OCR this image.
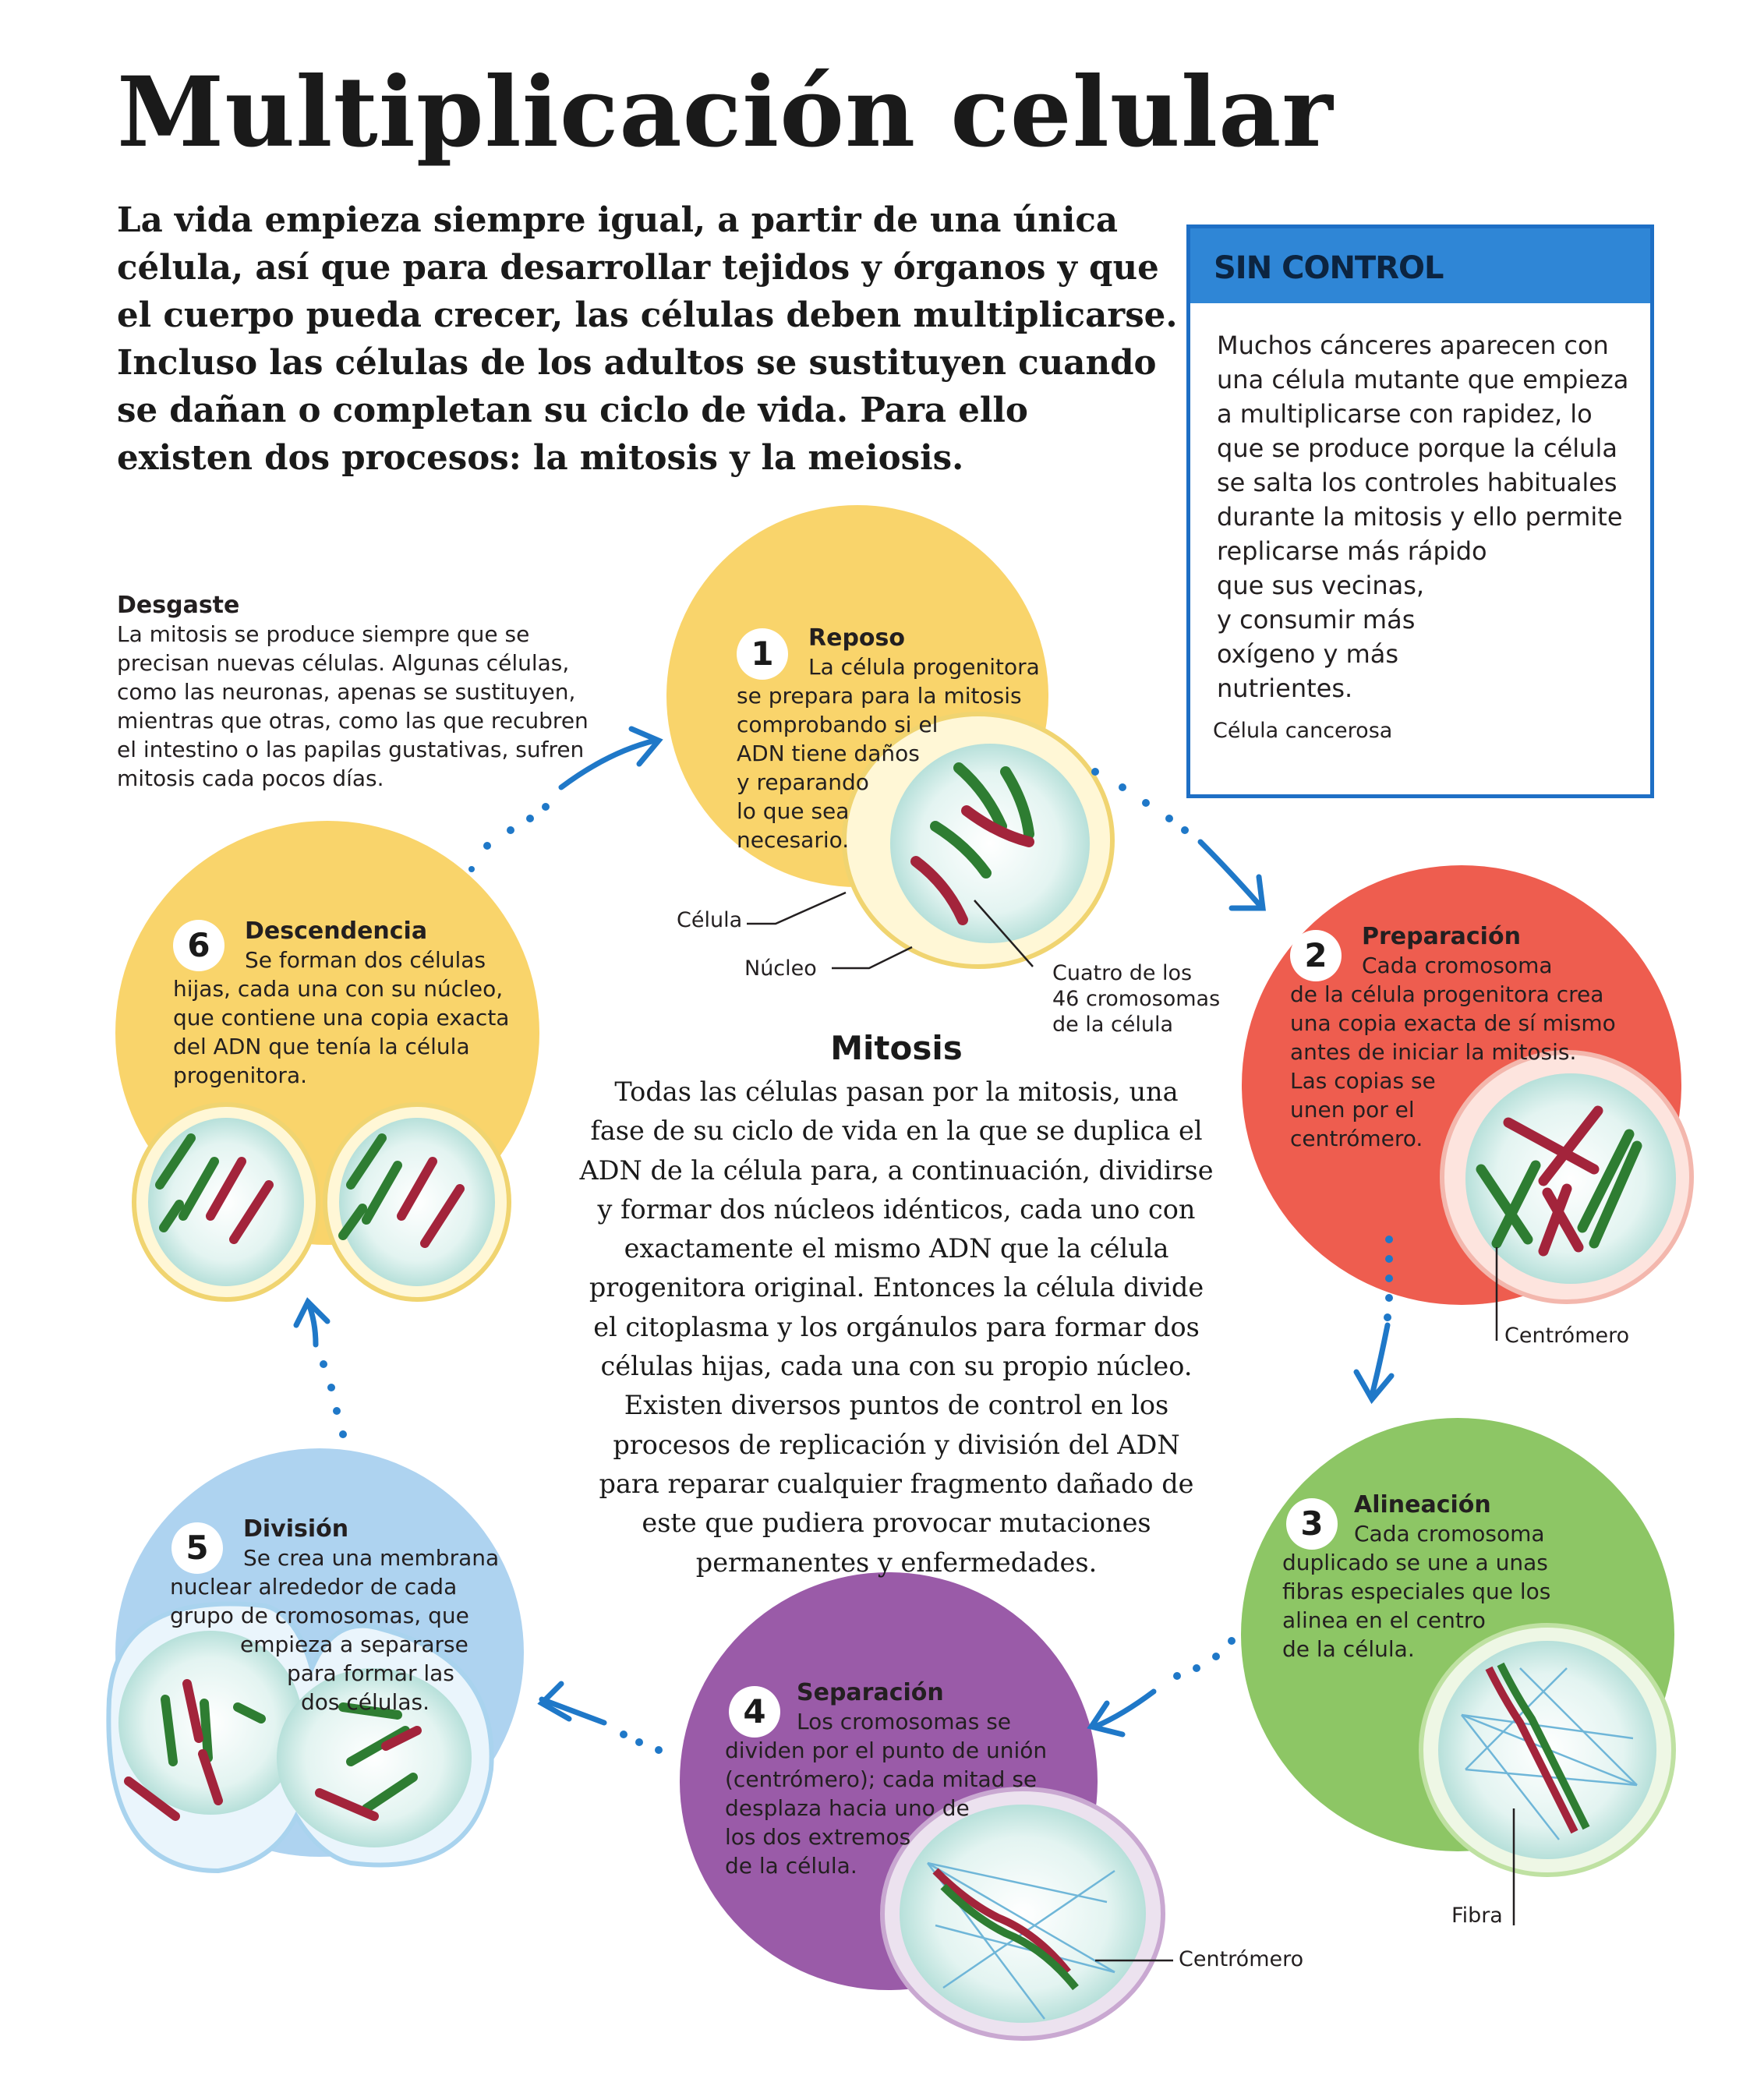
Multiplicación celular
La vida empieza siempre igual, a partir de una única
célula, así que para desarrollar tejidos y órganos y que
el cuerpo pueda crecer, las células deben multiplicarse.
Incluso las células de los adultos se sustituyen cuando
se dañan o completan su ciclo de vida. Para ello
existen dos procesos: la mitosis y la meiosis.
SIN CONTROL
Muchos cánceres aparecen con
una célula mutante que empieza
a multiplicarse con rapidez, lo
que se produce porque la célula
se salta los controles habituales
durante la mitosis y ello permite
replicarse más rápido
que sus vecinas,
y consumir más
oxígeno y más
nutrientes.
Célula cancerosa
Desgaste
La mitosis se produce siempre que se
precisan nuevas células. Algunas células,
como las neuronas, apenas se sustituyen,
mientras que otras, como las que recubren
el intestino o las papilas gustativas, sufren
mitosis cada pocos días.
1	Reposo
La célula progenitora
se prepara para la mitosis
comprobando si el
ADN tiene daños
y reparando
lo que sea
necesario.
Célula
Núcleo	Cuatro de los
46 cromosomas
de la célula
2	Preparación
Cada cromosoma
de la célula progenitora crea
una copia exacta de sí mismo
antes de iniciar la mitosis.
Las copias se
unen por el
centrómero.
Centrómero
3	Alineación
Cada cromosoma
duplicado se une a unas
fibras especiales que los
alinea en el centro
de la célula.
Fibra
4	Separación
Los cromosomas se
dividen por el punto de unión
(centrómero); cada mitad se
desplaza hacia uno de
los dos extremos
de la célula.
Centrómero
5	División
Se crea una membrana
nuclear alrededor de cada
grupo de cromosomas, que
empieza a separarse
para formar las
dos células.
6	Descendencia
Se forman dos células
hijas, cada una con su núcleo,
que contiene una copia exacta
del ADN que tenía la célula
progenitora.
Mitosis
Todas las células pasan por la mitosis, una
fase de su ciclo de vida en la que se duplica el
ADN de la célula para, a continuación, dividirse
y formar dos núcleos idénticos, cada uno con
exactamente el mismo ADN que la célula
progenitora original. Entonces la célula divide
el citoplasma y los orgánulos para formar dos
células hijas, cada una con su propio núcleo.
Existen diversos puntos de control en los
procesos de replicación y división del ADN
para reparar cualquier fragmento dañado de
este que pudiera provocar mutaciones
permanentes y enfermedades.
